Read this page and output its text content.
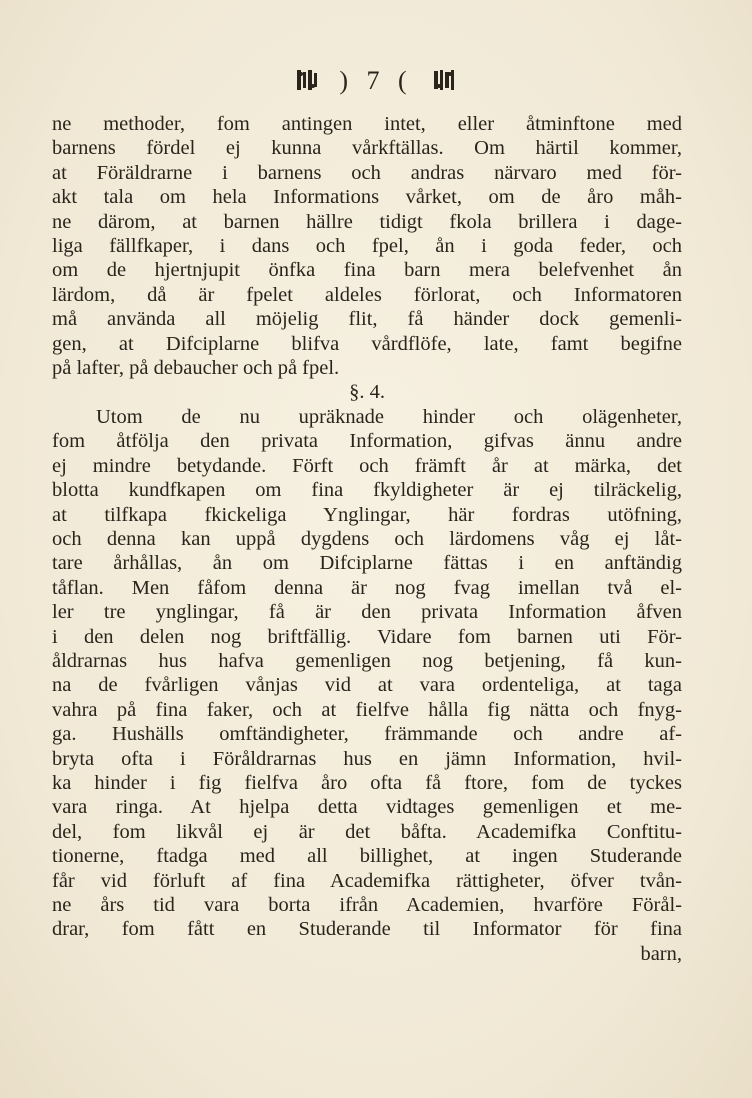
) 7 (
ne methoder, fom antingen intet, eller åtminftone med
barnens fördel ej kunna vårkftällas. Om härtil kommer,
at Föräldrarne i barnens och andras närvaro med för-
akt tala om hela Informations vårket, om de åro måh-
ne därom, at barnen hällre tidigt fkola brillera i dage-
liga fällfkaper, i dans och fpel, ån i goda feder, och
om de hjertnjupit önfka fina barn mera belefvenhet ån
lärdom, då är fpelet aldeles förlorat, och Informatoren
må använda all möjelig flit, få händer dock gemenli-
gen, at Difciplarne blifva vårdflöfe, late, famt begifne
på lafter, på debaucher och på fpel.
§. 4.
Utom de nu upräknade hinder och olägenheter,
fom åtfölja den privata Information, gifvas ännu andre
ej mindre betydande. Förft och främft år at märka, det
blotta kundfkapen om fina fkyldigheter är ej tilräckelig,
at tilfkapa fkickeliga Ynglingar, här fordras utöfning,
och denna kan uppå dygdens och lärdomens våg ej låt-
tare århållas, ån om Difciplarne fättas i en anftändig
tåflan. Men fåfom denna är nog fvag imellan två el-
ler tre ynglingar, få är den privata Information åfven
i den delen nog briftfällig. Vidare fom barnen uti För-
åldrarnas hus hafva gemenligen nog betjening, få kun-
na de fvårligen vånjas vid at vara ordenteliga, at taga
vahra på fina faker, och at fielfve hålla fig nätta och fnyg-
ga. Hushälls omftändigheter, främmande och andre af-
bryta ofta i Föråldrarnas hus en jämn Information, hvil-
ka hinder i fig fielfva åro ofta få ftore, fom de tyckes
vara ringa. At hjelpa detta vidtages gemenligen et me-
del, fom likvål ej är det båfta. Academifka Conftitu-
tionerne, ftadga med all billighet, at ingen Studerande
får vid förluft af fina Academifka rättigheter, öfver tvån-
ne års tid vara borta ifrån Academien, hvarföre Förål-
drar, fom fått en Studerande til Informator för fina
barn,
